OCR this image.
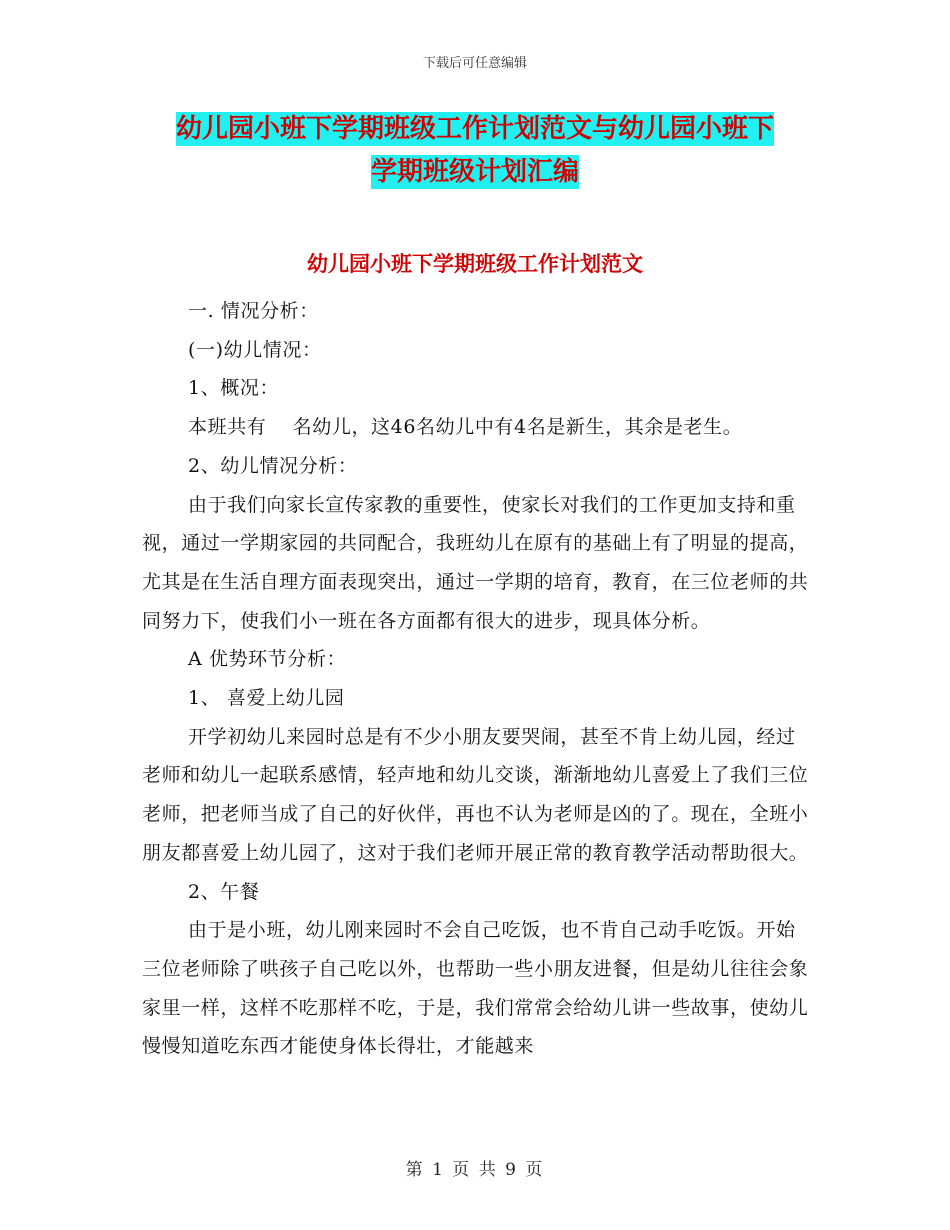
下载后可任意编辑
幼儿园小班下学期班级工作计划范文与幼儿园小班下
学期班级计划汇编
幼儿园小班下学期班级工作计划范文

一. 情况分析：

(一)幼儿情况：

1、概况：

本班共有　 名幼儿，这46名幼儿中有4名是新生，其余是老生。

2、幼儿情况分析：

由于我们向家长宣传家教的重要性，使家长对我们的工作更加支持和重视，通过一学期家园的共同配合，我班幼儿在原有的基础上有了明显的提高，尤其是在生活自理方面表现突出，通过一学期的培育，教育，在三位老师的共同努力下，使我们小一班在各方面都有很大的进步，现具体分析。

A 优势环节分析：

1、 喜爱上幼儿园

开学初幼儿来园时总是有不少小朋友要哭闹，甚至不肯上幼儿园，经过老师和幼儿一起联系感情，轻声地和幼儿交谈，渐渐地幼儿喜爱上了我们三位老师，把老师当成了自己的好伙伴，再也不认为老师是凶的了。现在，全班小朋友都喜爱上幼儿园了，这对于我们老师开展正常的教育教学活动帮助很大。

2、午餐

由于是小班，幼儿刚来园时不会自己吃饭，也不肯自己动手吃饭。开始三位老师除了哄孩子自己吃以外，也帮助一些小朋友进餐，但是幼儿往往会象家里一样，这样不吃那样不吃，于是，我们常常会给幼儿讲一些故事，使幼儿 慢慢知道吃东西才能使身体长得壮，才能越来

第 1 页 共 9 页
